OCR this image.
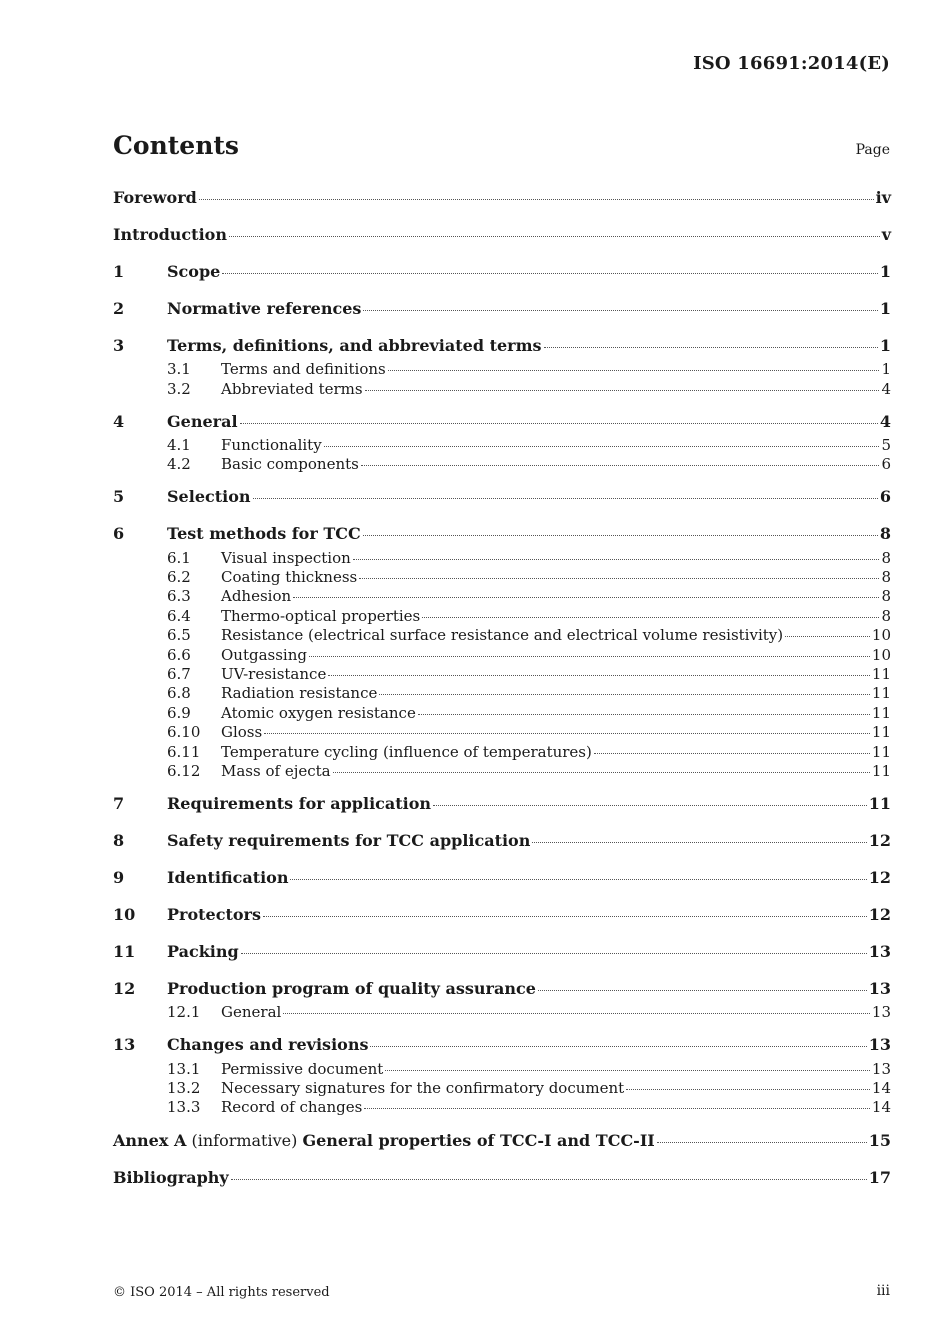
ISO 16691:2014(E)
Contents	Page
Foreword	iv
Introduction	v
1	Scope	1
2	Normative references	1
3	Terms, definitions, and abbreviated terms	1
3.1	Terms and definitions	1
3.2	Abbreviated terms	4
4	General	4
4.1	Functionality	5
4.2	Basic components	6
5	Selection	6
6	Test methods for TCC	8
6.1	Visual inspection	8
6.2	Coating thickness	8
6.3	Adhesion	8
6.4	Thermo-optical properties	8
6.5	Resistance (electrical surface resistance and electrical volume resistivity)	10
6.6	Outgassing	10
6.7	UV-resistance	11
6.8	Radiation resistance	11
6.9	Atomic oxygen resistance	11
6.10	Gloss	11
6.11	Temperature cycling (influence of temperatures)	11
6.12	Mass of ejecta	11
7	Requirements for application	11
8	Safety requirements for TCC application	12
9	Identification	12
10	Protectors	12
11	Packing	13
12	Production program of quality assurance	13
12.1	General	13
13	Changes and revisions	13
13.1	Permissive document	13
13.2	Necessary signatures for the confirmatory document	14
13.3	Record of changes	14
Annex A (informative) General properties of TCC-I and TCC-II	15
Bibliography	17
© ISO 2014 – All rights reserved	iii
